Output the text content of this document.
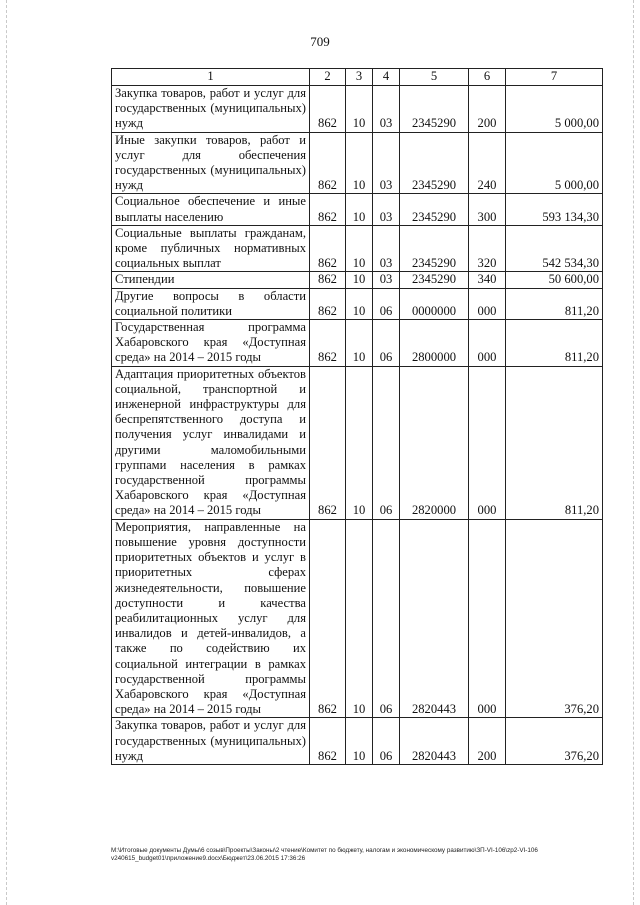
709
1	2	3	4	5	6	7
Закупка товаров, работ и услуг для государственных (муниципальных) нужд	862	10	03	2345290	200	5 000,00
Иные закупки товаров, работ и услуг для обеспечения государственных (муниципальных) нужд	862	10	03	2345290	240	5 000,00
Социальное обеспечение и иные выплаты населению	862	10	03	2345290	300	593 134,30
Социальные выплаты гражданам, кроме публичных нормативных социальных выплат	862	10	03	2345290	320	542 534,30
Стипендии	862	10	03	2345290	340	50 600,00
Другие вопросы в области социальной политики	862	10	06	0000000	000	811,20
Государственная программа Хабаровского края «Доступная среда» на 2014 – 2015 годы	862	10	06	2800000	000	811,20
Адаптация приоритетных объектов социальной, транспортной и инженерной инфраструктуры для беспрепятственного доступа и получения услуг инвалидами и другими маломобильными группами населения в рамках государственной программы Хабаровского края «Доступная среда» на 2014 – 2015 годы	862	10	06	2820000	000	811,20
Мероприятия, направленные на повышение уровня доступности приоритетных объектов и услуг в приоритетных сферах жизнедеятельности, повышение доступности и качества реабилитационных услуг для инвалидов и детей-инвалидов, а также по содействию их социальной интеграции в рамках государственной программы Хабаровского края «Доступная среда» на 2014 – 2015 годы	862	10	06	2820443	000	376,20
Закупка товаров, работ и услуг для государственных (муниципальных) нужд	862	10	06	2820443	200	376,20
M:\Итоговые документы Думы\6 созыв\Проекты\Законы\2 чтение\Комитет по бюджету, налогам и экономическому развитию\ЗП-VI-106\zp2-VI-106 v240615_budget01\приложение9.docx\Бюджет\23.06.2015 17:36:26
